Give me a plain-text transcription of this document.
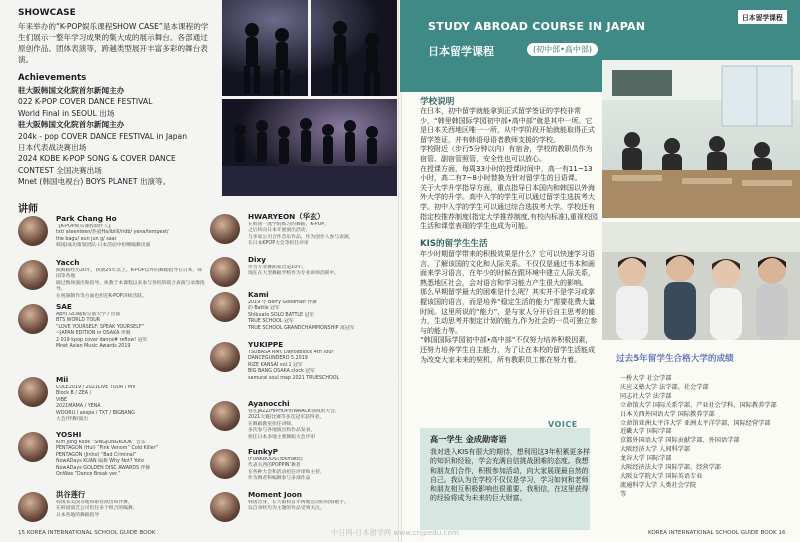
SHOWCASE
年来举办的“K-POP娱乐课程SHOW CASE”是本课程的学生们展示一整年学习成果的集大成的展示舞台。各部通过原创作品、团体表演等，跨越类型展开丰富多彩的舞台表演。
Achievements
驻大阪韩国文化院首尔新闻主办
022 K-POP COVER DANCE FESTIVAL
World Final in SEOUL 出场
驻大阪韩国文化院首尔新闻主办
204k - pop COVER DANCE FESTIVAL in Japan
日本代表战决赛出场
2024 KOBE K-POP SONG & COVER DANCE
CONTEST 全国决赛出场
Mnet (韩国电视台) BOYS PLANET 出演等。
讲师
Park Chang Ho
【K-POP娱乐课程制作人】
txt/ ateenteen/热爱Ha/ibilil/ridb/ yena/tempest/
the bagu/ eun jun g/ saai
韩国/成功策划团队·日本活动中担纲编舞出演
Yacch
熊舞蹈经历20年，执教25年以上。K-POP以外的舞蹈指导在日本、韩国等各地
做过数场演出和指导。执教于本课程以来参与各校的联合表演与录像指导。
在视频制作等方面也担任K-POP讲师活跃。
SAE
April /2Days/京都大学 / 出演
BTS WORLD TOUR
“LOVE YOURSELF: SPEAK YOURSELF”
~JAPAN EDITION in OSAKA 伴舞
2 019 kpop cover dance# reflow! 冠军
Mnet Asian Music Awards 2019
Mii
COLE2019 / 2021LIVE TOUR / MV
Block B / ZEA /
VIBE
2021MAMA / YENA
WOORU / aespa / TXT / BIGBANG
大会/伴舞/演出
YOSHI
Kim Jong Kook “SINGJONGKOOK” 音乐
PENTAGON (Hui) “Pink Venom” Cold Killer”
PENTAGON (Jinho) “Bad Criminal”
NowADays KUAN 编舞 Why Not? Yoto
NowADays GOLDEN DISC AWARDS 伴舞
OnWee “Dance Break ver.”
洪谷莲行
韩国来美国等地和职业演出和伴舞，
在韩国演艺公司担任多个组合的编舞、
日本各地的舞蹈指导
HWARYEON（华玄）
在韩国一流学院练习的舞蹈，K-POP，
之后转向日本开展演出活动，
与多家公司合作音乐作品，作为创作人参与表演，
在日本KPOP大会等担任评审
Dixy
作为专业舞蹈家出道10年，
现在在大型舞蹈学校作为专业讲师活跃中。
Kami
2019 年 Berry Goodman 伴舞
的 Battle 冠军
Shibuato SOLO BATTLE 冠军
TRUE SCHOOL 冠军
TRUE SCHOOL GRANDCHAMPIONSHIP 准冠军
YUKIPPE
TSUBASA RMI: DanceBlock 4th Tour
DANCEGUNDERO 5.2019
RIZE KANSAI vol.1 冠军
BIG BANG OSAKA clock 冠军
samurai soul map 2021 TRUESCHOOL
Ayanocchi
曾在JAZZ/HIPHOP的WAACK领域的大会，
2021大赛/比赛等多次冠军获得者，
在舞蹈教室担任讲师，
多次参与各地演出和作品发表，
担任日本多地主要舞蹈大会评审
FunkyP
(FUNKBOOST/EKmatic)
代表关西的POPPIN’舞者
在各种大会和活动担任评审和主持，
作为舞者和编舞参与多部作品
Moment Joon
韩国出身，在大阪和首尔两地活动的说唱歌手。
以自身经历为主题的作品受到关注。
15 KOREA INTERNATIONAL SCHOOL GUIDE BOOK
STUDY ABROAD COURSE IN JAPAN
日本留学课程	(初中部•高中部)
日本留学课程
学校说明
在日本，初中留学就能拿到正式留学签证的学校非常少，“韩里韩国际学园初中部•高中部”就是其中一所。它是日本关西地区唯一一所，从中学阶段开始就能取得正式留学签证，并有韩语母语者教师支援的学校。
学校附近（步行5分钟以内）有宿舍，学校的教职员作为宿管、副宿管照管，安全性也可以放心。
在授课方面，每周33小时的授课时间中，高一有11~13小时，高二有7~8小时替换为针对留学生的日语课。
关于大学升学指导方面，重点指导日本国内和韩国以外海外大学的升学。高中入学的学生可以通过留学生选拔考大学。初中入学的学生可以通过综合选拔考大学。学校还有指定校推荐制度(指定大学推荐制度,有校内标准),重视校园生活和课堂表现的学生也成为可能。
KIS的留学生生活
年少时期留学带来的积极效果是什么？它可以快速学习语言，了解该国的文化和人际关系。不仅仅是通过书本和画面来学习语言，在年少的时候在跟环境中建立人际关系，熟悉地区社会，会对语言和学习能力产生很大的影响。
那么早期留学最大的困难是什么呢？其实并不是学习或掌握该国的语言，而是培养“稳定生活的能力”需要花费大量时间。这里所说的“能力”，是与家人分开后自主思考的能力，生动思考并制定计划的能力,作为社会的一员可独立参与的能力等。
“韩国国际学园初中部•高中部”不仅努力培养积极因素，还努力培养学生自主能力，为了让在本校的留学生活能成为改变大家未来的契机，所有教职员工都在努力着。	过去5年留学生合格大学的成绩
一桥大学 社会学部
庆应义塾大学 法学部、社会学部
同志社大学 法学部
立命馆大学 国际关系学部、产业社会学科、国际教养学部
日本关西外国语大学 国际教养学部
立命馆亚洲太平洋大学 亚洲太平洋学部、国际经营学部
近畿大学 国际学部
京都外国语大学 国际贡献学部、外国语学部
大阪经济大学 人间科学部
龙谷大学 国际学部
大阪经济法大学 国际学部、经营学部
大阪女学院大学 国际英语专业
流通科学大学 人类社会学院
等
VOICE
高一学生 金成勋寄语
我对进入KIS有很大的期待，想利用这3年积累更多样的知识和经验，学会充满自信挑战困难的态度。我想和朋友们合作，积极参加活动，向大家展现最自然的自己。我认为在学校不仅仅是学习，学习如何和老师和朋友相互积极影响也很重要。我相信，在这里获得的经验将成为未来的巨大财富。
KOREA INTERNATIONAL SCHOOL GUIDE BOOK 16
中日网-日本留学网 www.cnjpedu.com
